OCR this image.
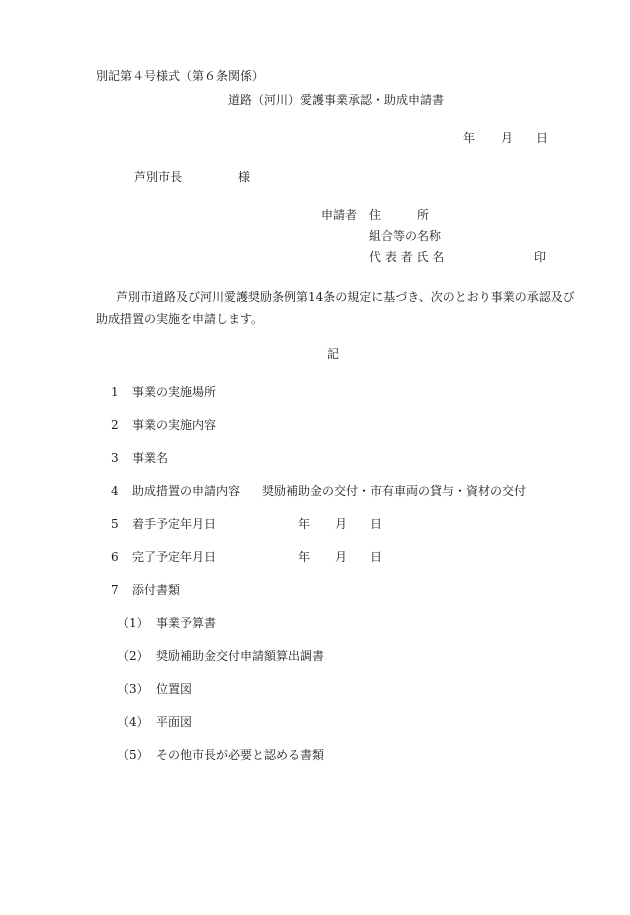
別記第４号様式（第６条関係）
道路（河川）愛護事業承認・助成申請書
年 月 日
芦別市長	様
申請者 住　　　所
組合等の名称
代 表 者 氏 名	印
芦別市道路及び河川愛護奨励条例第14条の規定に基づき、次のとおり事業の承認及び助成措置の実施を申請します。
記
1 事業の実施場所
2 事業の実施内容
3 事業名
4 助成措置の申請内容 奨励補助金の交付・市有車両の貸与・資材の交付
5 着手予定年月日	年 月 日
6 完了予定年月日	年 月 日
7 添付書類
（1） 事業予算書
（2） 奨励補助金交付申請額算出調書
（3） 位置図
（4） 平面図
（5） その他市長が必要と認める書類
